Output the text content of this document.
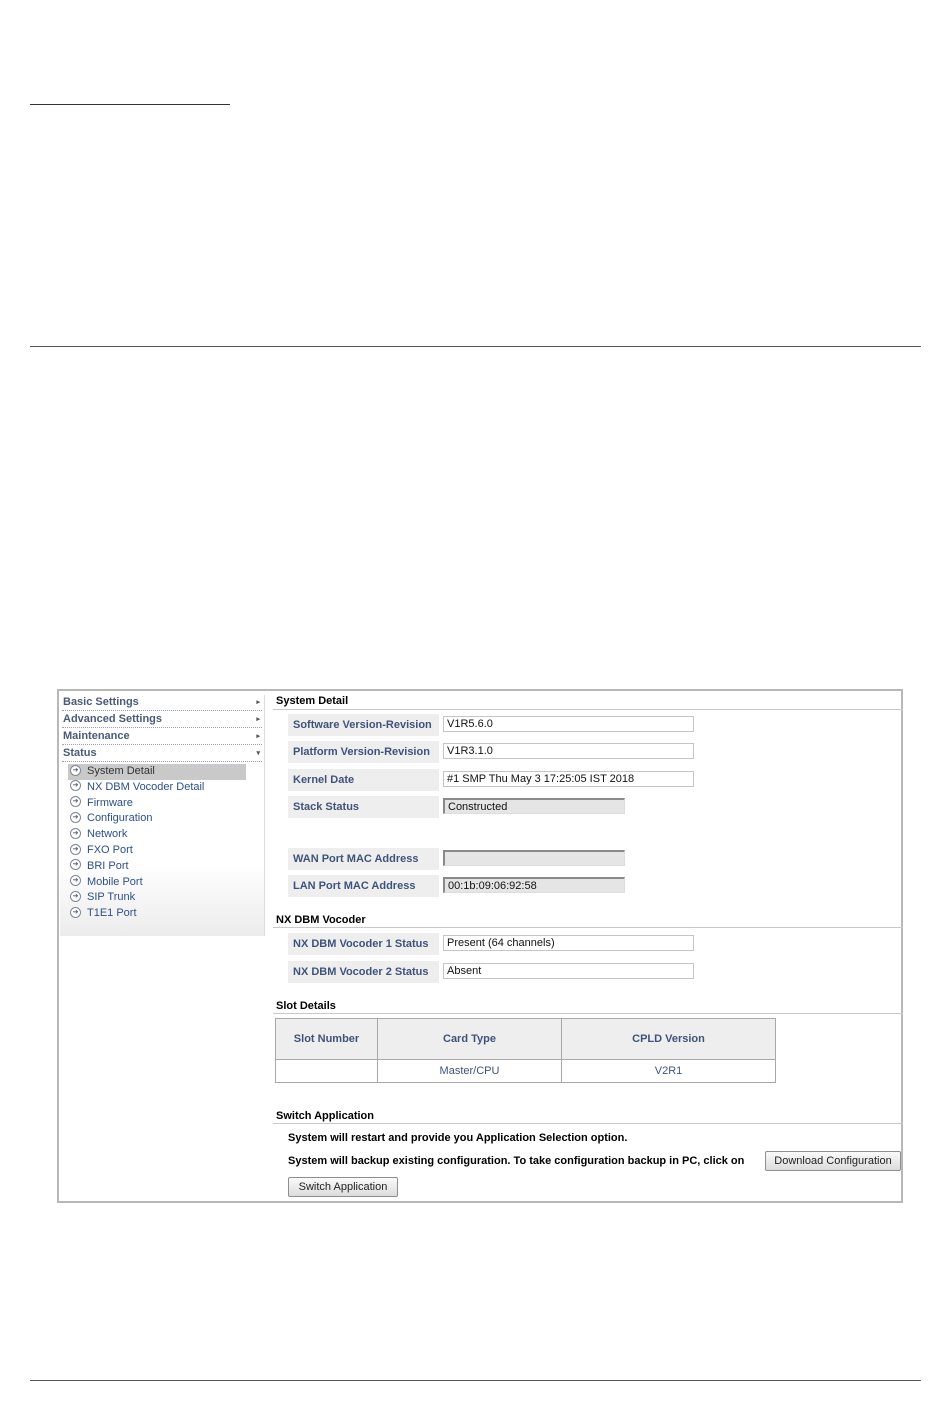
Basic Settings	▸
Advanced Settings	▸
Maintenance	▸
Status	▾
➔ System Detail
➔ NX DBM Vocoder Detail
➔ Firmware
➔ Configuration
➔ Network
➔ FXO Port
➔ BRI Port
➔ Mobile Port
➔ SIP Trunk
➔ T1E1 Port
System Detail
Software Version-Revision	V1R5.6.0
Platform Version-Revision	V1R3.1.0
Kernel Date	#1 SMP Thu May 3 17:25:05 IST 2018
Stack Status	Constructed
WAN Port MAC Address
LAN Port MAC Address	00:1b:09:06:92:58
NX DBM Vocoder
NX DBM Vocoder 1 Status	Present (64 channels)
NX DBM Vocoder 2 Status	Absent
Slot Details
Slot Number	Card Type	CPLD Version
	Master/CPU	V2R1
Switch Application
System will restart and provide you Application Selection option.
System will backup existing configuration. To take configuration backup in PC, click on	Download Configuration
Switch Application
